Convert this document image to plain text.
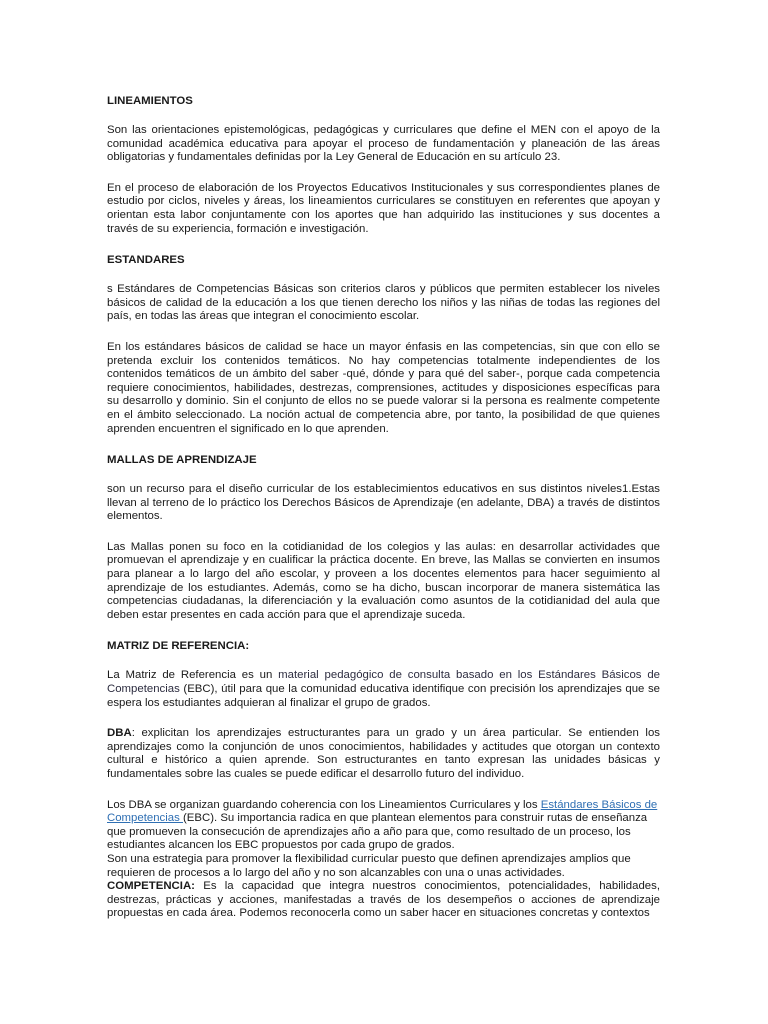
LINEAMIENTOS

Son las orientaciones epistemológicas, pedagógicas y curriculares que define el MEN con el apoyo de la comunidad académica educativa para apoyar el proceso de fundamentación y planeación de las áreas obligatorias y fundamentales definidas por la Ley General de Educación en su artículo 23.

En el proceso de elaboración de los Proyectos Educativos Institucionales y sus correspondientes planes de estudio por ciclos, niveles y áreas, los lineamientos curriculares se constituyen en referentes que apoyan y orientan esta labor conjuntamente con los aportes que han adquirido las instituciones y sus docentes a través de su experiencia, formación e investigación.

ESTANDARES

s Estándares de Competencias Básicas son criterios claros y públicos que permiten establecer los niveles básicos de calidad de la educación a los que tienen derecho los niños y las niñas de todas las regiones del país, en todas las áreas que integran el conocimiento escolar.

En los estándares básicos de calidad se hace un mayor énfasis en las competencias, sin que con ello se pretenda excluir los contenidos temáticos. No hay competencias totalmente independientes de los contenidos temáticos de un ámbito del saber -qué, dónde y para qué del saber-, porque cada competencia requiere conocimientos, habilidades, destrezas, comprensiones, actitudes y disposiciones específicas para su desarrollo y dominio. Sin el conjunto de ellos no se puede valorar si la persona es realmente competente en el ámbito seleccionado. La noción actual de competencia abre, por tanto, la posibilidad de que quienes aprenden encuentren el significado en lo que aprenden.

MALLAS DE APRENDIZAJE

son un recurso para el diseño curricular de los establecimientos educativos en sus distintos niveles1.Estas llevan al terreno de lo práctico los Derechos Básicos de Aprendizaje (en adelante, DBA) a través de distintos elementos.

Las Mallas ponen su foco en la cotidianidad de los colegios y las aulas: en desarrollar actividades que promuevan el aprendizaje y en cualificar la práctica docente. En breve, las Mallas se convierten en insumos para planear a lo largo del año escolar, y proveen a los docentes elementos para hacer seguimiento al aprendizaje de los estudiantes. Además, como se ha dicho, buscan incorporar de manera sistemática las competencias ciudadanas, la diferenciación y la evaluación como asuntos de la cotidianidad del aula que deben estar presentes en cada acción para que el aprendizaje suceda.

MATRIZ DE REFERENCIA:

La Matriz de Referencia es un material pedagógico de consulta basado en los Estándares Básicos de Competencias (EBC), útil para que la comunidad educativa identifique con precisión los aprendizajes que se espera los estudiantes adquieran al finalizar el grupo de grados.

DBA: explicitan los aprendizajes estructurantes para un grado y un área particular. Se entienden los aprendizajes como la conjunción de unos conocimientos, habilidades y actitudes que otorgan un contexto cultural e histórico a quien aprende. Son estructurantes en tanto expresan las unidades básicas y fundamentales sobre las cuales se puede edificar el desarrollo futuro del individuo.

Los DBA se organizan guardando coherencia con los Lineamientos Curriculares y los Estándares Básicos de Competencias (EBC). Su importancia radica en que plantean elementos para construir rutas de enseñanza que promueven la consecución de aprendizajes año a año para que, como resultado de un proceso, los estudiantes alcancen los EBC propuestos por cada grupo de grados.

Son una estrategia para promover la flexibilidad curricular puesto que definen aprendizajes amplios que requieren de procesos a lo largo del año y no son alcanzables con una o unas actividades.

COMPETENCIA: Es la capacidad que integra nuestros conocimientos, potencialidades, habilidades, destrezas, prácticas y acciones, manifestadas a través de los desempeños o acciones de aprendizaje propuestas en cada área. Podemos reconocerla como un saber hacer en situaciones concretas y contextos
